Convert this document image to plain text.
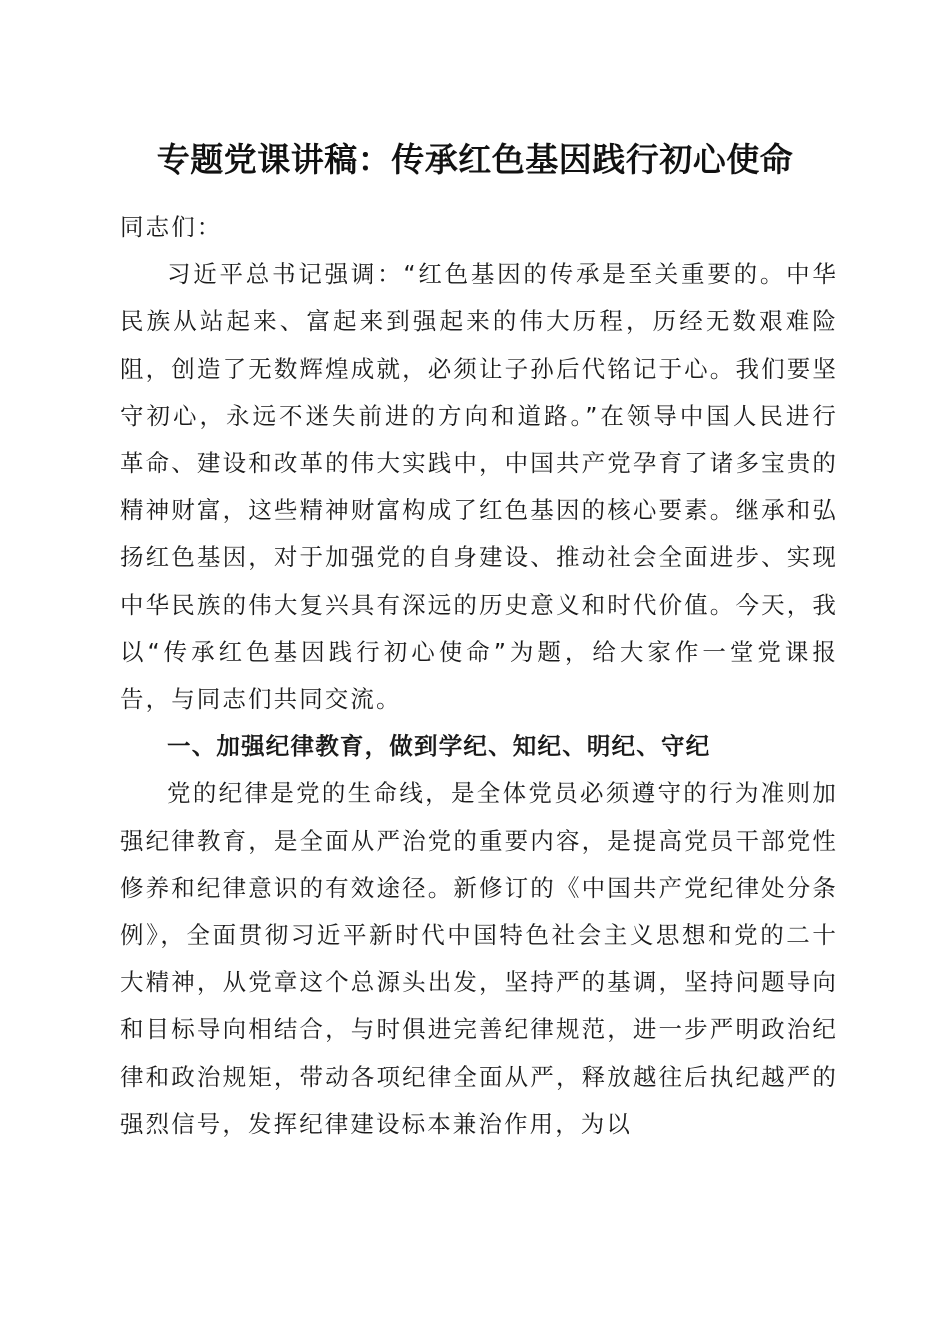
专题党课讲稿：传承红色基因践行初心使命

同志们：

习近平总书记强调：“红色基因的传承是至关重要的。中华民族从站起来、富起来到强起来的伟大历程，历经无数艰难险阻，创造了无数辉煌成就，必须让子孙后代铭记于心。我们要坚守初心，永远不迷失前进的方向和道路。”在领导中国人民进行革命、建设和改革的伟大实践中，中国共产党孕育了诸多宝贵的精神财富，这些精神财富构成了红色基因的核心要素。继承和弘扬红色基因，对于加强党的自身建设、推动社会全面进步、实现中华民族的伟大复兴具有深远的历史意义和时代价值。今天，我以“传承红色基因践行初心使命”为题，给大家作一堂党课报告，与同志们共同交流。

一、加强纪律教育，做到学纪、知纪、明纪、守纪

党的纪律是党的生命线，是全体党员必须遵守的行为准则加强纪律教育，是全面从严治党的重要内容，是提高党员干部党性修养和纪律意识的有效途径。新修订的《中国共产党纪律处分条例》，全面贯彻习近平新时代中国特色社会主义思想和党的二十大精神，从党章这个总源头出发，坚持严的基调，坚持问题导向和目标导向相结合，与时俱进完善纪律规范，进一步严明政治纪律和政治规矩，带动各项纪律全面从严，释放越往后执纪越严的强烈信号，发挥纪律建设标本兼治作用，为以
